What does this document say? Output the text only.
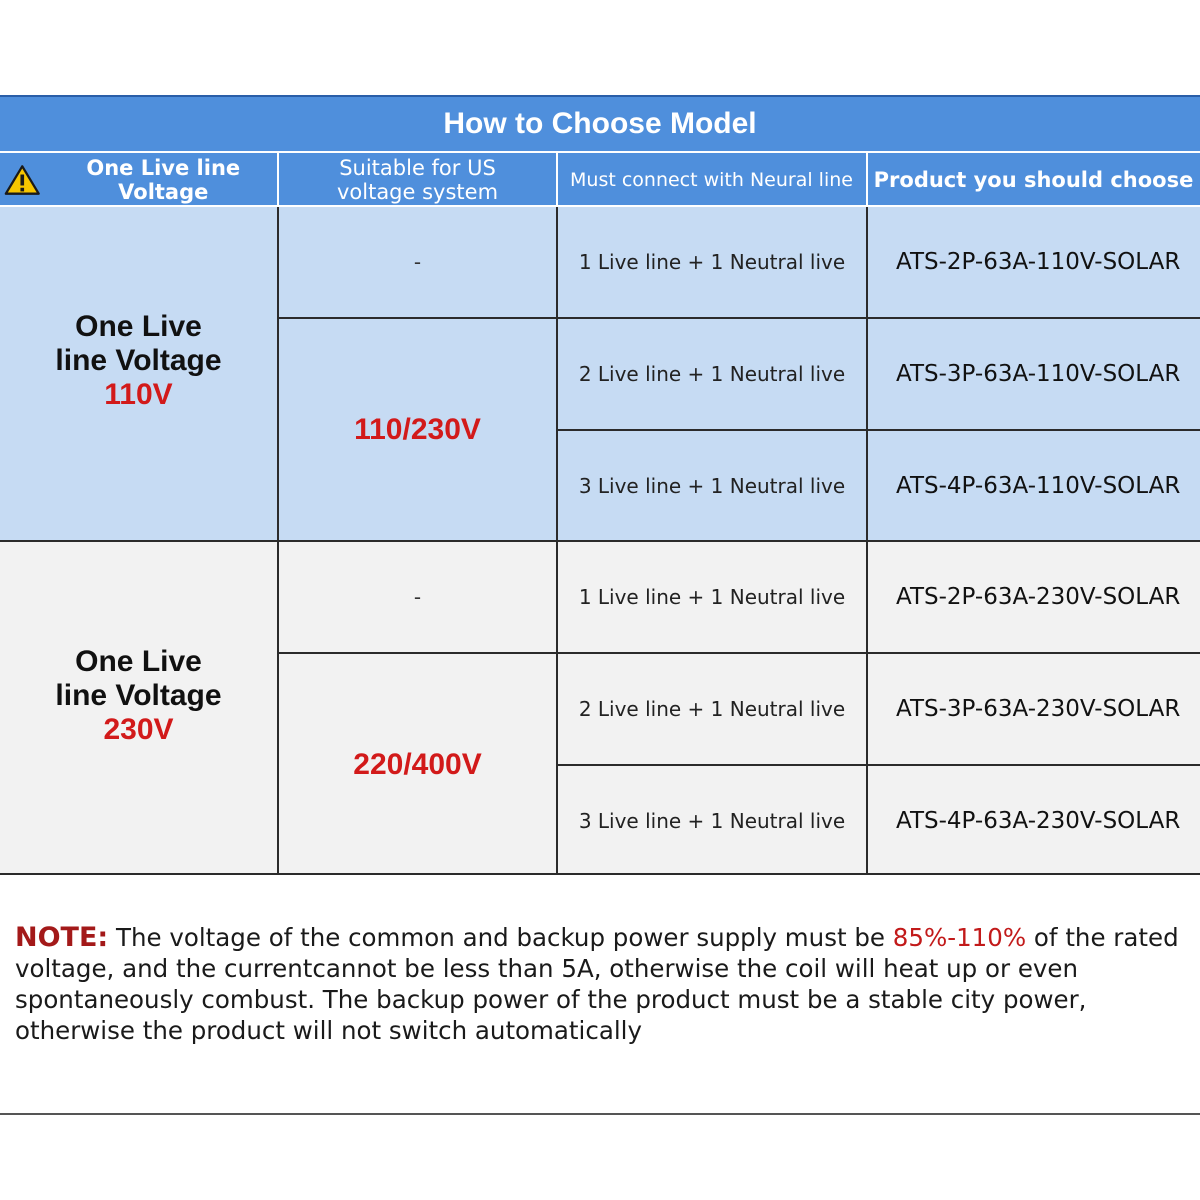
How to Choose Model
One Live line Voltage
Suitable for US voltage system	Must connect with Neural line Product you should choose
One Live
line Voltage
110V
-
110/230V
1 Live line + 1 Neutral live
2 Live line + 1 Neutral live
3 Live line + 1 Neutral live
ATS-2P-63A-110V-SOLAR
ATS-3P-63A-110V-SOLAR
ATS-4P-63A-110V-SOLAR
One Live
line Voltage
230V
-
220/400V
1 Live line + 1 Neutral live
2 Live line + 1 Neutral live
3 Live line + 1 Neutral live
ATS-2P-63A-230V-SOLAR
ATS-3P-63A-230V-SOLAR
ATS-4P-63A-230V-SOLAR
NOTE: The voltage of the common and backup power supply must be 85%-110% of the rated voltage, and the currentcannot be less than 5A, otherwise the coil will heat up or even spontaneously combust. The backup power of the product must be a stable city power, otherwise the product will not switch automatically
